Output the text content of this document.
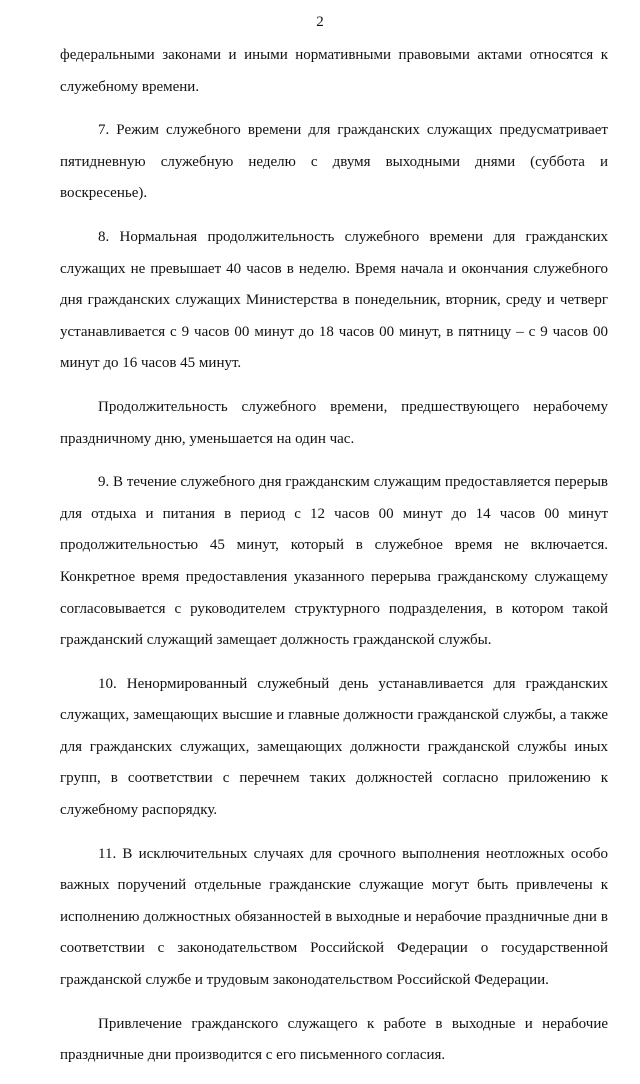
2

федеральными законами и иными нормативными правовыми актами относятся к служебному времени.

7. Режим служебного времени для гражданских служащих предусматривает пятидневную служебную неделю с двумя выходными днями (суббота и воскресенье).

8. Нормальная продолжительность служебного времени для гражданских служащих не превышает 40 часов в неделю. Время начала и окончания служебного дня гражданских служащих Министерства в понедельник, вторник, среду и четверг устанавливается с 9 часов 00 минут до 18 часов 00 минут, в пятницу – с 9 часов 00 минут до 16 часов 45 минут.

Продолжительность служебного времени, предшествующего нерабочему праздничному дню, уменьшается на один час.

9. В течение служебного дня гражданским служащим предоставляется перерыв для отдыха и питания в период с 12 часов 00 минут до 14 часов 00 минут продолжительностью 45 минут, который в служебное время не включается. Конкретное время предоставления указанного перерыва гражданскому служащему согласовывается с руководителем структурного подразделения, в котором такой гражданский служащий замещает должность гражданской службы.

10. Ненормированный служебный день устанавливается для гражданских служащих, замещающих высшие и главные должности гражданской службы, а также для гражданских служащих, замещающих должности гражданской службы иных групп, в соответствии с перечнем таких должностей согласно приложению к служебному распорядку.

11. В исключительных случаях для срочного выполнения неотложных особо важных поручений отдельные гражданские служащие могут быть привлечены к исполнению должностных обязанностей в выходные и нерабочие праздничные дни в соответствии с законодательством Российской Федерации о государственной гражданской службе и трудовым законодательством Российской Федерации.

Привлечение гражданского служащего к работе в выходные и нерабочие праздничные дни производится с его письменного согласия.
